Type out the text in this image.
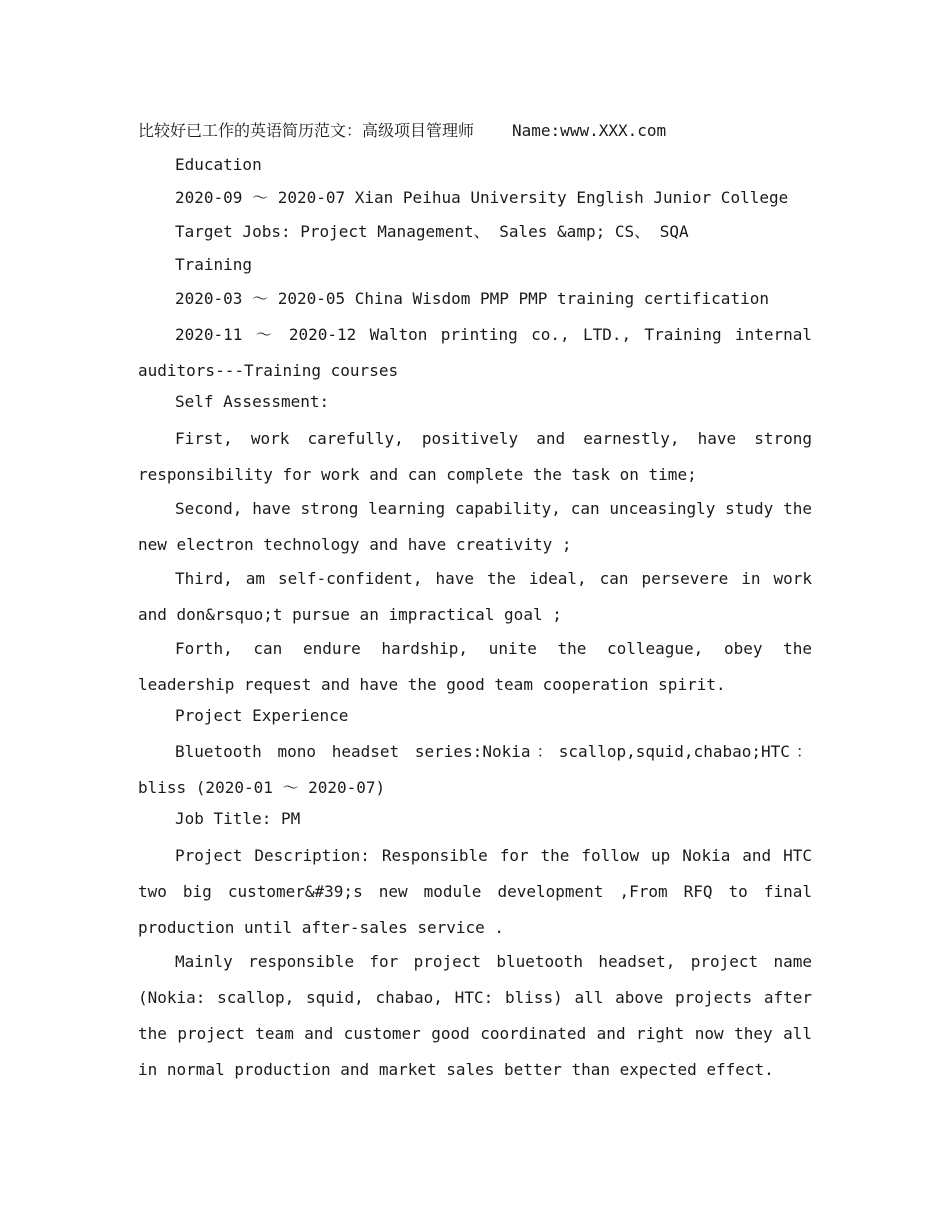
比较好已工作的英语简历范文：高级项目管理师 Name:www.XXX.com
Education
2020-09 ～ 2020-07 Xian Peihua University English Junior College
Target Jobs: Project Management、 Sales &amp; CS、 SQA
Training
2020-03 ～ 2020-05 China Wisdom PMP PMP training certification

2020-11 ～ 2020-12 Walton printing co., LTD., Training internal auditors---Training courses

Self Assessment:

First, work carefully, positively and earnestly, have strong responsibility for work and can complete the task on time;

Second, have strong learning capability, can unceasingly study the new electron technology and have creativity ;

Third, am self-confident, have the ideal, can persevere in work and don&rsquo;t pursue an impractical goal ;

Forth, can endure hardship, unite the colleague, obey the leadership request and have the good team cooperation spirit.

Project Experience

Bluetooth mono headset series:Nokia：scallop,squid,chabao;HTC：bliss (2020-01 ～ 2020-07)

Job Title: PM

Project Description: Responsible for the follow up Nokia and HTC two big customer&#39;s new module development ,From RFQ to final production until after-sales service .

Mainly responsible for project bluetooth headset, project name (Nokia: scallop, squid, chabao, HTC: bliss) all above projects after the project team and customer good coordinated and right now they all in normal production and market sales better than expected effect.
